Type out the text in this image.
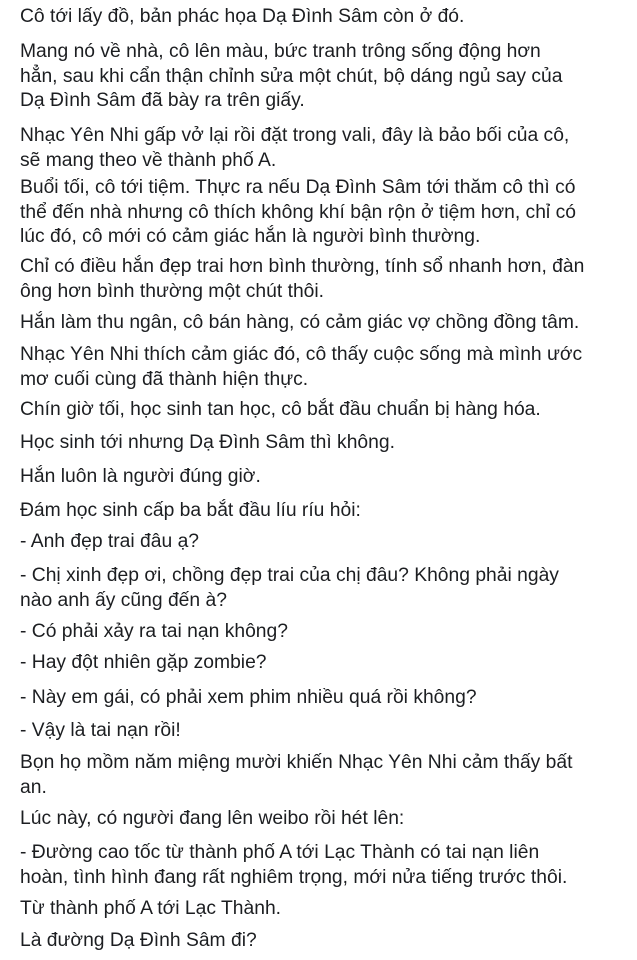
Cô tới lấy đồ, bản phác họa Dạ Đình Sâm còn ở đó.

Mang nó về nhà, cô lên màu, bức tranh trông sống động hơn
hẳn, sau khi cẩn thận chỉnh sửa một chút, bộ dáng ngủ say của
Dạ Đình Sâm đã bày ra trên giấy.

Nhạc Yên Nhi gấp vở lại rồi đặt trong vali, đây là bảo bối của cô,
sẽ mang theo về thành phố A.

Buổi tối, cô tới tiệm. Thực ra nếu Dạ Đình Sâm tới thăm cô thì có
thể đến nhà nhưng cô thích không khí bận rộn ở tiệm hơn, chỉ có
lúc đó, cô mới có cảm giác hắn là người bình thường.

Chỉ có điều hắn đẹp trai hơn bình thường, tính sổ nhanh hơn, đàn
ông hơn bình thường một chút thôi.

Hắn làm thu ngân, cô bán hàng, có cảm giác vợ chồng đồng tâm.

Nhạc Yên Nhi thích cảm giác đó, cô thấy cuộc sống mà mình ước
mơ cuối cùng đã thành hiện thực.

Chín giờ tối, học sinh tan học, cô bắt đầu chuẩn bị hàng hóa.

Học sinh tới nhưng Dạ Đình Sâm thì không.

Hắn luôn là người đúng giờ.

Đám học sinh cấp ba bắt đầu líu ríu hỏi:

- Anh đẹp trai đâu ạ?

- Chị xinh đẹp ơi, chồng đẹp trai của chị đâu? Không phải ngày
nào anh ấy cũng đến à?

- Có phải xảy ra tai nạn không?

- Hay đột nhiên gặp zombie?

- Này em gái, có phải xem phim nhiều quá rồi không?

- Vậy là tai nạn rồi!

Bọn họ mồm năm miệng mười khiến Nhạc Yên Nhi cảm thấy bất
an.

Lúc này, có người đang lên weibo rồi hét lên:

- Đường cao tốc từ thành phố A tới Lạc Thành có tai nạn liên
hoàn, tình hình đang rất nghiêm trọng, mới nửa tiếng trước thôi.

Từ thành phố A tới Lạc Thành.

Là đường Dạ Đình Sâm đi?
